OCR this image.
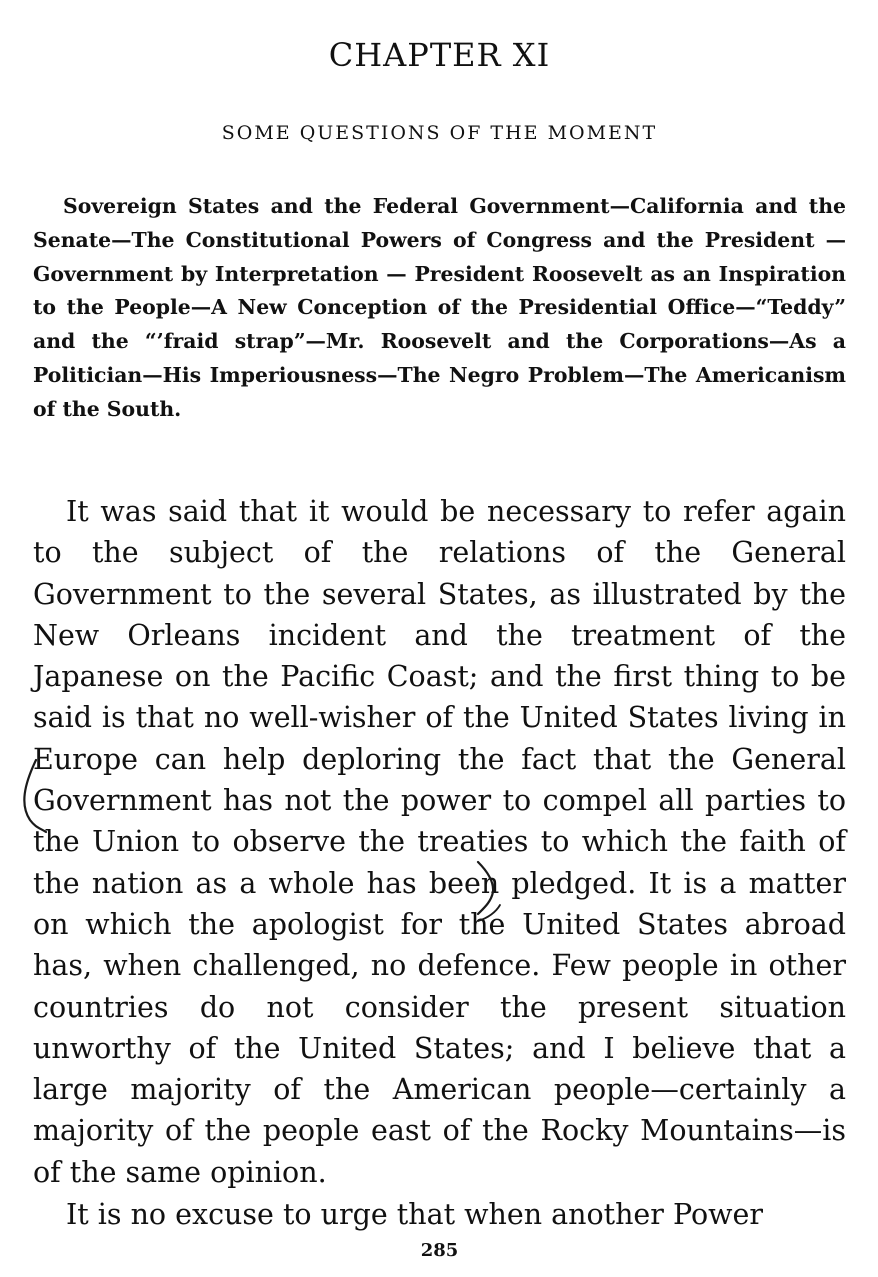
CHAPTER XI
SOME QUESTIONS OF THE MOMENT

Sovereign States and the Federal Government—California and the Senate—The Constitutional Powers of Congress and the President — Government by Interpretation — President Roosevelt as an Inspiration to the People—A New Conception of the Presidential Office—“Teddy” and the “’fraid strap”—Mr. Roosevelt and the Corporations—As a Politician—His Imperiousness—The Negro Problem—The Americanism of the South.

It was said that it would be necessary to refer again to the subject of the relations of the General Government to the several States, as illustrated by the New Orleans incident and the treatment of the Japanese on the Pacific Coast; and the first thing to be said is that no well-wisher of the United States living in Europe can help deploring the fact that the General Government has not the power to compel all parties to the Union to observe the treaties to which the faith of the nation as a whole has been pledged. It is a matter on which the apologist for the United States abroad has, when challenged, no defence. Few people in other countries do not consider the present situation unworthy of the United States; and I believe that a large majority of the American people—certainly a majority of the people east of the Rocky Mountains—is of the same opinion.

It is no excuse to urge that when another Power

285
